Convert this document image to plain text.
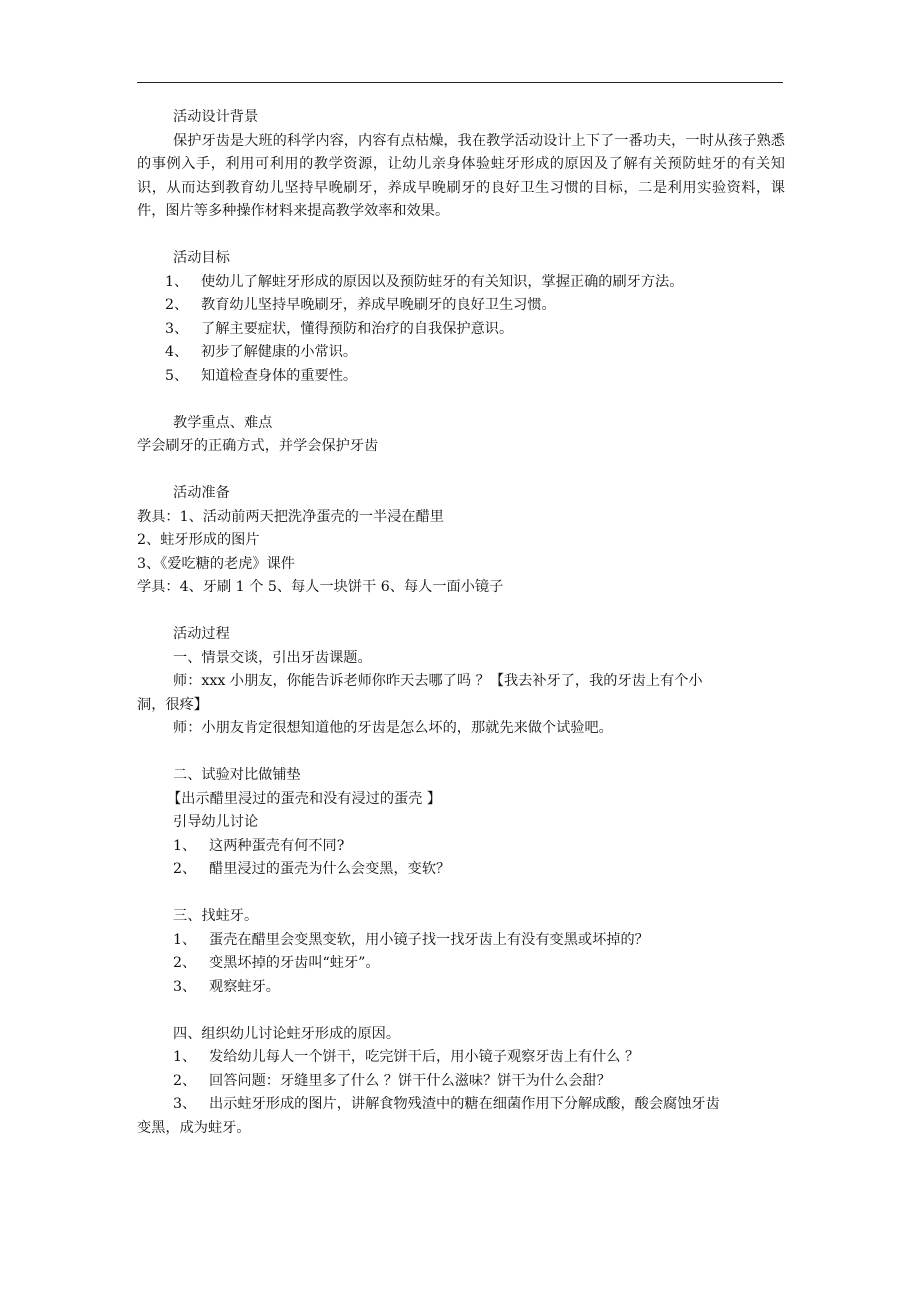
活动设计背景
保护牙齿是大班的科学内容，内容有点枯燥，我在教学活动设计上下了一番功夫，一时从孩子熟悉的事例入手，利用可利用的教学资源，让幼儿亲身体验蛀牙形成的原因及了解有关预防蛀牙的有关知识，从而达到教育幼儿坚持早晚刷牙，养成早晚刷牙的良好卫生习惯的目标，二是利用实验资料，课件，图片等多种操作材料来提高教学效率和效果。
活动目标
1、 使幼儿了解蛀牙形成的原因以及预防蛀牙的有关知识，掌握正确的刷牙方法。
2、 教育幼儿坚持早晚刷牙，养成早晚刷牙的良好卫生习惯。
3、 了解主要症状，懂得预防和治疗的自我保护意识。
4、 初步了解健康的小常识。
5、 知道检查身体的重要性。
教学重点、难点
学会刷牙的正确方式，并学会保护牙齿
活动准备
教具：1、活动前两天把洗净蛋壳的一半浸在醋里
2、蛀牙形成的图片
3、《爱吃糖的老虎》课件
学具：4、牙刷 1 个 5、每人一块饼干 6、每人一面小镜子
活动过程
一、情景交谈，引出牙齿课题。
师：xxx 小朋友，你能告诉老师你昨天去哪了吗 ？【我去补牙了，我的牙齿上有个小
洞，很疼】
师：小朋友肯定很想知道他的牙齿是怎么坏的，那就先来做个试验吧。
二、试验对比做铺垫
【出示醋里浸过的蛋壳和没有浸过的蛋壳 】
引导幼儿讨论
1、 这两种蛋壳有何不同?
2、 醋里浸过的蛋壳为什么会变黑，变软？
三、找蛀牙。
1、 蛋壳在醋里会变黑变软，用小镜子找一找牙齿上有没有变黑或坏掉的？
2、 变黑坏掉的牙齿叫“蛀牙”。
3、 观察蛀牙。
四、组织幼儿讨论蛀牙形成的原因。
1、 发给幼儿每人一个饼干，吃完饼干后，用小镜子观察牙齿上有什么 ？
2、 回答问题：牙缝里多了什么 ？饼干什么滋味？饼干为什么会甜？
3、 出示蛀牙形成的图片，讲解食物残渣中的糖在细菌作用下分解成酸，酸会腐蚀牙齿
变黑，成为蛀牙。
